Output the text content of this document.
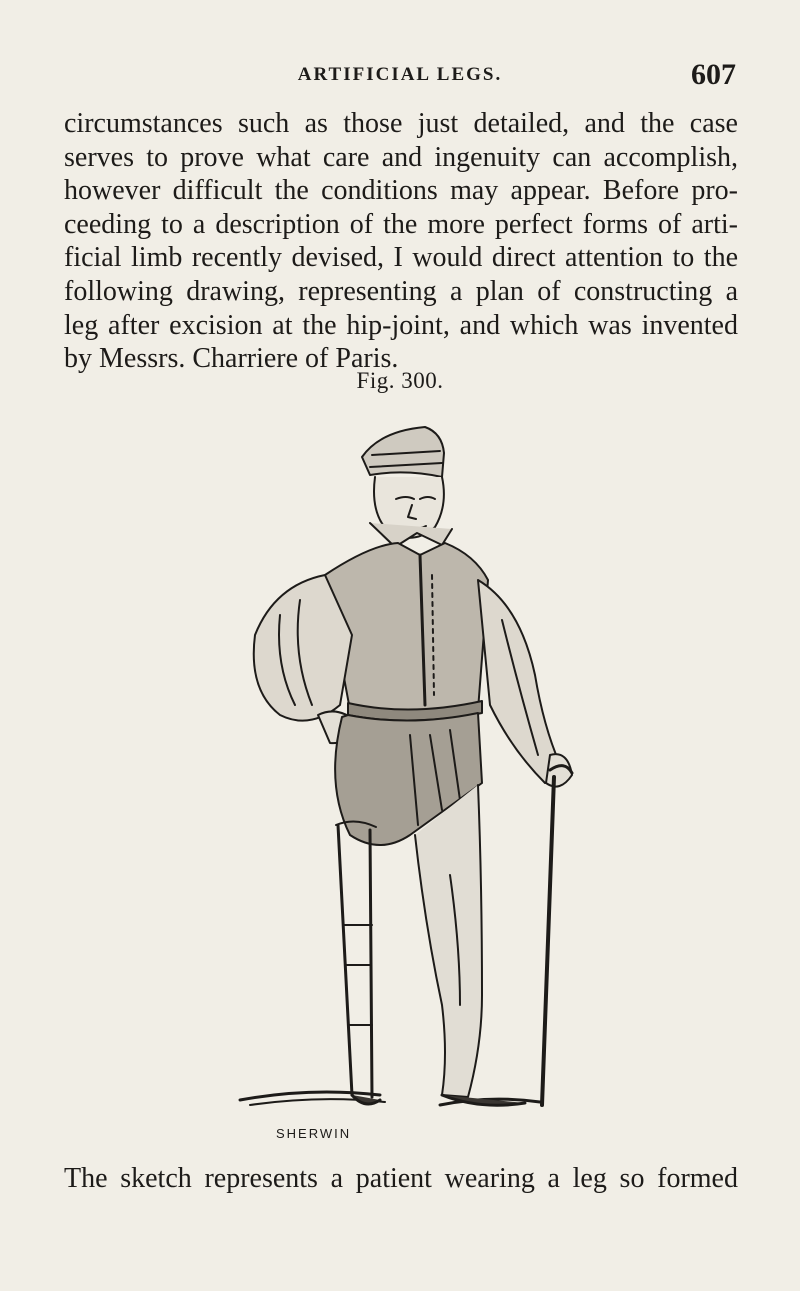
ARTIFICIAL LEGS.	607
circumstances such as those just detailed, and the case
serves to prove what care and ingenuity can accomplish,
however difficult the conditions may appear. Before pro-
ceeding to a description of the more perfect forms of arti-
ficial limb recently devised, I would direct attention to the
following drawing, representing a plan of constructing a
leg after excision at the hip-joint, and which was invented
by Messrs. Charriere of Paris.
Fig. 300.
SHERWIN
The sketch represents a patient wearing a leg so formed
